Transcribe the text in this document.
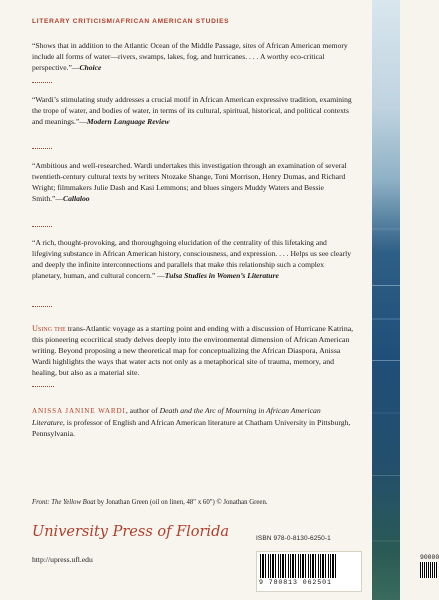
LITERARY CRITICISM/AFRICAN AMERICAN STUDIES

“Shows that in addition to the Atlantic Ocean of the Middle Passage, sites of African American memory include all forms of water—rivers, swamps, lakes, fog, and hurricanes. . . . A worthy eco-critical perspective.”—Choice

“Wardi’s stimulating study addresses a crucial motif in African American expressive tradition, examining the trope of water, and bodies of water, in terms of its cultural, spiritual, historical, and political contexts and meanings.”—Modern Language Review

“Ambitious and well-researched. Wardi undertakes this investigation through an examination of several twentieth-century cultural texts by writers Ntozake Shange, Toni Morrison, Henry Dumas, and Richard Wright; filmmakers Julie Dash and Kasi Lemmons; and blues singers Muddy Waters and Bessie Smith.”—Callaloo

“A rich, thought-provoking, and thoroughgoing elucidation of the centrality of this lifetaking and lifegiving substance in African American history, consciousness, and expression. . . . Helps us see clearly and deeply the infinite interconnections and parallels that make this relationship such a complex planetary, human, and cultural concern.” —Tulsa Studies in Women’s Literature

Using the trans-Atlantic voyage as a starting point and ending with a discussion of Hurricane Katrina, this pioneering ecocritical study delves deeply into the environmental dimension of African American writing. Beyond proposing a new theoretical map for conceptualizing the African Diaspora, Anissa Wardi highlights the ways that water acts not only as a metaphorical site of trauma, memory, and healing, but also as a material site.

ANISSA JANINE WARDI, author of Death and the Arc of Mourning in African American Literature, is professor of English and African American literature at Chatham University in Pittsburgh, Pennsylvania.

Front: The Yellow Boat by Jonathan Green (oil on linen, 48″ x 60″) © Jonathan Green.

University Press of Florida
http://upress.ufl.edu
ISBN 978-0-8130-6250-1
90000
9 780813 062501
